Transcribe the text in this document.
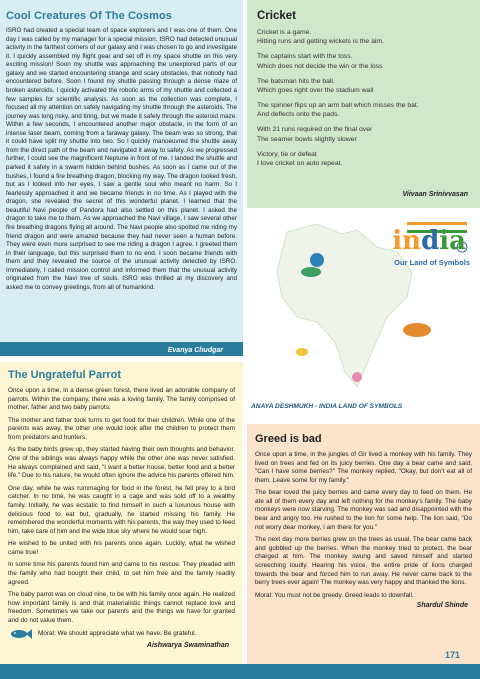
Cool Creatures Of The Cosmos

ISRO had created a special team of space explorers and I was one of them. One day I was called by my manager for a special mission. ISRO had detected unusual activity in the farthest corners of our galaxy and I was chosen to go and investigate it. I quickly assembled my flight gear and set off in my space shuttle on this very exciting mission! Soon my shuttle was approaching the unexplored parts of our galaxy and we started encountering strange and scary obstacles, that nobody had encountered before. Soon I found my shuttle passing through a dense maze of broken asteroids. I quickly activated the robotic arms of my shuttle and collected a few samples for scientific analysis. As soon as the collection was complete, I focused all my attention on safely navigating my shuttle through the asteroids. The journey was long risky, and tiring, but we made it safely through the asteroid maze. Within a few seconds, I encountered another major obstacle, in the form of an intense laser beam, coming from a faraway galaxy. The beam was so strong, that it could have split my shuttle into two. So I quickly manoeuvred the shuttle away from the direct path of the beam and navigated it away to safety. As we progressed further, I could see the magnificent Neptune in front of me. I landed the shuttle and parked it safely in a swarm hidden behind bushes. As soon as I came out of the bushes, I found a fire breathing dragon, blocking my way. The dragon looked fresh, but as I looked into her eyes, I saw a gentle soul who meant no harm. So I fearlessly approached it and we became friends in no time. As I played with the dragon, she revealed the secret of this wonderful planet. I learned that the beautiful Navi people of Pandora had also settled on this planet. I asked the dragon to take me to them. As we approached the Navi village, I saw several other fire breathing dragons flying all around. The Navi people also spotted me riding my friend dragon and were amazed because they had never seen a human before. They were even more surprised to see me riding a dragon I agree. I greeted them in their language, but this surprised them to no end. I soon became friends with them and they revealed the source of the unusual activity detected by ISRO. Immediately, I called mission control and informed them that the unusual activity originated from the Navi tree of souls. ISRO was thrilled at my discovery and asked me to convey greetings, from all of humankind.

Evanya Chudgar
Cricket

Cricket is a game.
Hitting runs and getting wickets is the aim.

The captains start with the toss.
Which does not decide the win or the loss

The batsman hits the ball.
Which goes right over the stadium wall

The spinner flips up an arm ball which misses the bat.
And deflects onto the pads.

With 21 runs required on the final over
The seamer bowls slightly slower

Victory, tie or defeat
I love cricket on auto repeat.

Viivaan Srinivvasan
india
Our Land of Symbols
ANAYA DESHMUKH - INDIA LAND OF SYMBOLS
The Ungrateful Parrot

Once upon a time, in a dense green forest, there lived an adorable company of parrots. Within the company, there was a loving family. The family comprised of mother, father and two baby parrots.

The mother and father took turns to get food for their children. While one of the parents was away, the other one would look after the children to protect them from predators and hunters.

As the baby birds grew up, they started having their own thoughts and behavior. One of the siblings was always happy while the other one was never satisfied. He always complained and said, "I want a better house, better food and a better life." Due to his nature, he would often ignore the advice his parents offered him.

One day, while he was rummaging for food in the forest, he fell prey to a bird catcher. In no time, he was caught in a cage and was sold off to a wealthy family. Initially, he was ecstatic to find himself in such a luxurious house with delicious food to eat but, gradually, he started missing his family. He remembered the wonderful moments with his parents, the way they used to feed him, take care of him and the wide blue sky where he would soar high.

He wished to be united with his parents once again. Luckily, what he wished came true!

In some time his parents found him and came to his rescue. They pleaded with the family who had bought their child, to set him free and the family readily agreed.

The baby parrot was on cloud nine, to be with his family once again. He realized how important family is and that materialistic things cannot replace love and freedom. Sometimes we take our parents and the things we have for granted and do not value them.

Moral: We should appreciate what we have. Be grateful.
Aishwarya Swaminathan
Greed is bad

Once upon a time, in the jungles of Gir lived a monkey with his family. They lived on trees and fed on its juicy berries. One day a bear came and said, "Can I have some berries?" The monkey replied, "Okay, but don't eat all of them. Leave some for my family."

The bear loved the juicy berries and came every day to feed on them. He ate all of them every day and left nothing for the monkey's family. The baby monkeys were now starving. The monkey was sad and disappointed with the bear and angry too. He rushed to the lion for some help. The lion said, "Do not worry dear monkey, I am there for you."

The next day more berries grew on the trees as usual. The bear came back and gobbled up the berries. When the monkey tried to protect, the bear charged at him. The monkey swung and saved himself and started screeching loudly. Hearing his voice, the entire pride of lions charged towards the bear and forced him to run away. He never came back to the berry trees ever again! The monkey was very happy and thanked the lions.

Moral: You must not be greedy. Greed leads to downfall.

Shardul Shinde
171
